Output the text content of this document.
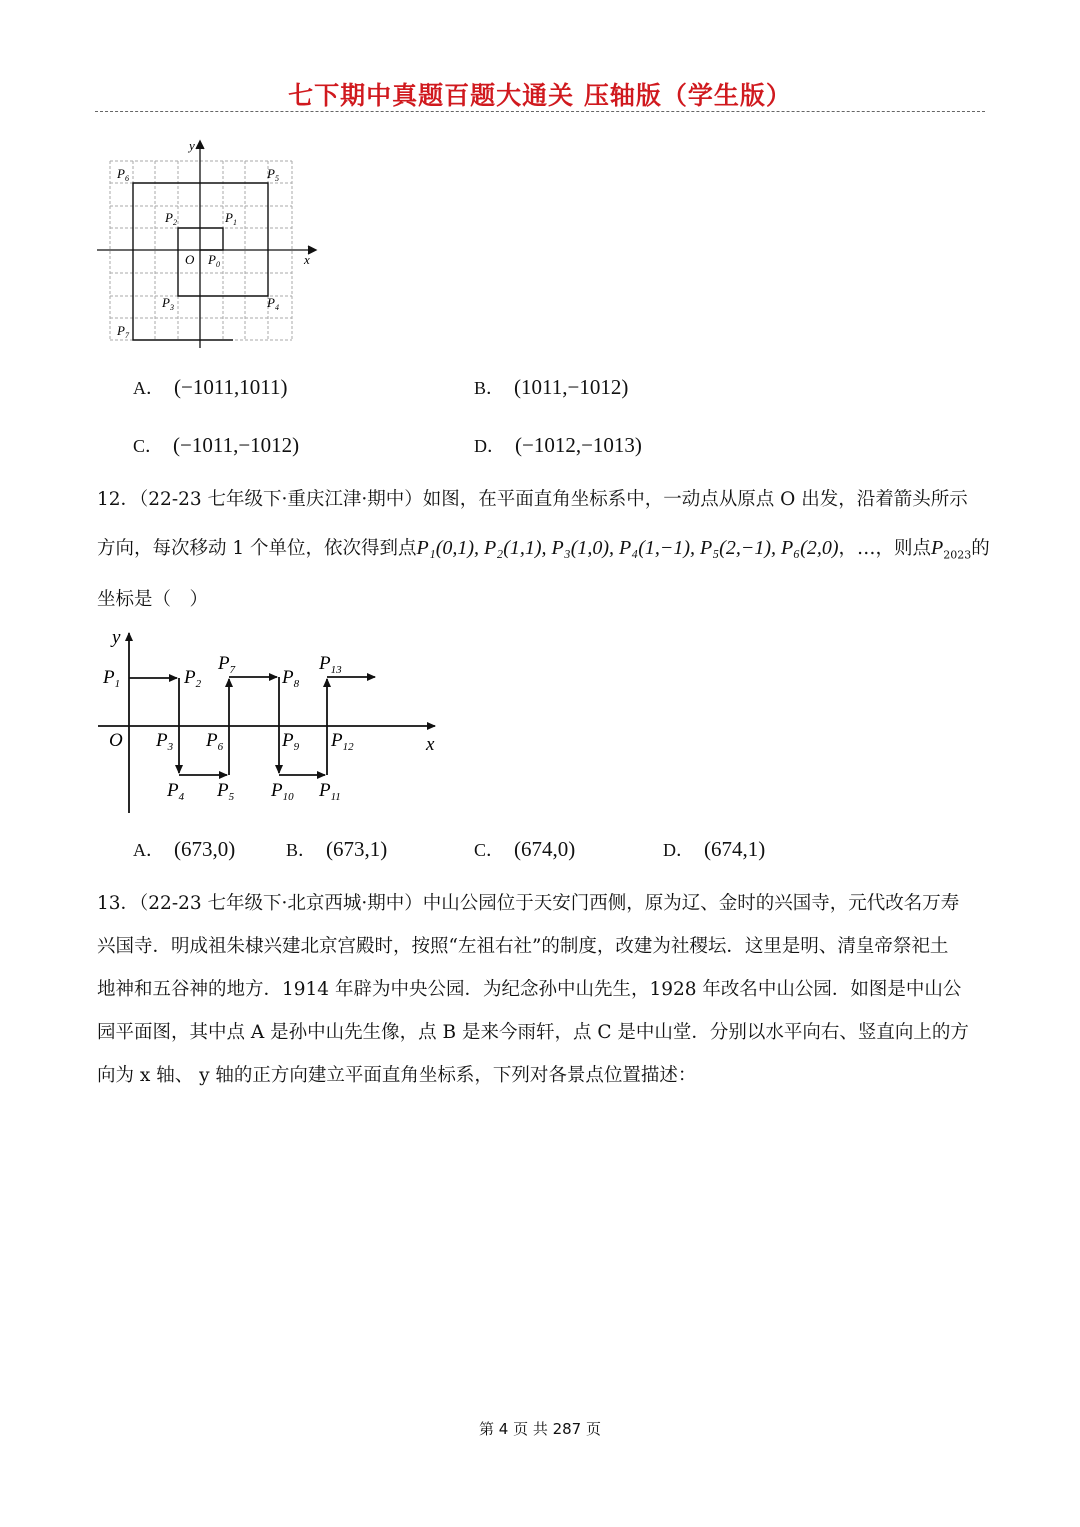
七下期中真题百题大通关 压轴版（学生版）
y
x
O $P_0$
$P_1$
$P_2$
$P_3$	$P_4$
$P_5$
$P_6$
$P_7$
A． (−1011,1011)	B． (1011,−1012)
C． (−1011,−1012)	D． (−1012,−1013)
12．（22-23 七年级下·重庆江津·期中）如图，在平面直角坐标系中，一动点从原点 O 出发，沿着箭头所示
方向，每次移动 1 个单位，依次得到点P₁(0,1), P₂(1,1), P₃(1,0), P₄(1,−1), P₅(2,−1), P₆(2,0)，…，则点$P_{2023}$的
坐标是（　）
y
x
O
$P_1$	$P_2$
$P_3$
$P_4$ $P_5$
$P_6$
$P_7$ $P_8$
$P_9$
$P_{10}$ $P_{11}$
$P_{12}$
$P_{13}$
A． (673,0)	B． (673,1)	C． (674,0)	D． (674,1)
13．（22-23 七年级下·北京西城·期中）中山公园位于天安门西侧，原为辽、金时的兴国寺，元代改名万寿
兴国寺．明成祖朱棣兴建北京宫殿时，按照“左祖右社”的制度，改建为社稷坛．这里是明、清皇帝祭祀土
地神和五谷神的地方．1914 年辟为中央公园．为纪念孙中山先生，1928 年改名中山公园．如图是中山公
园平面图，其中点 A 是孙中山先生像，点 B 是来今雨轩，点 C 是中山堂．分别以水平向右、竖直向上的方
向为 x 轴、 y 轴的正方向建立平面直角坐标系，下列对各景点位置描述：
第 4 页 共 287 页
